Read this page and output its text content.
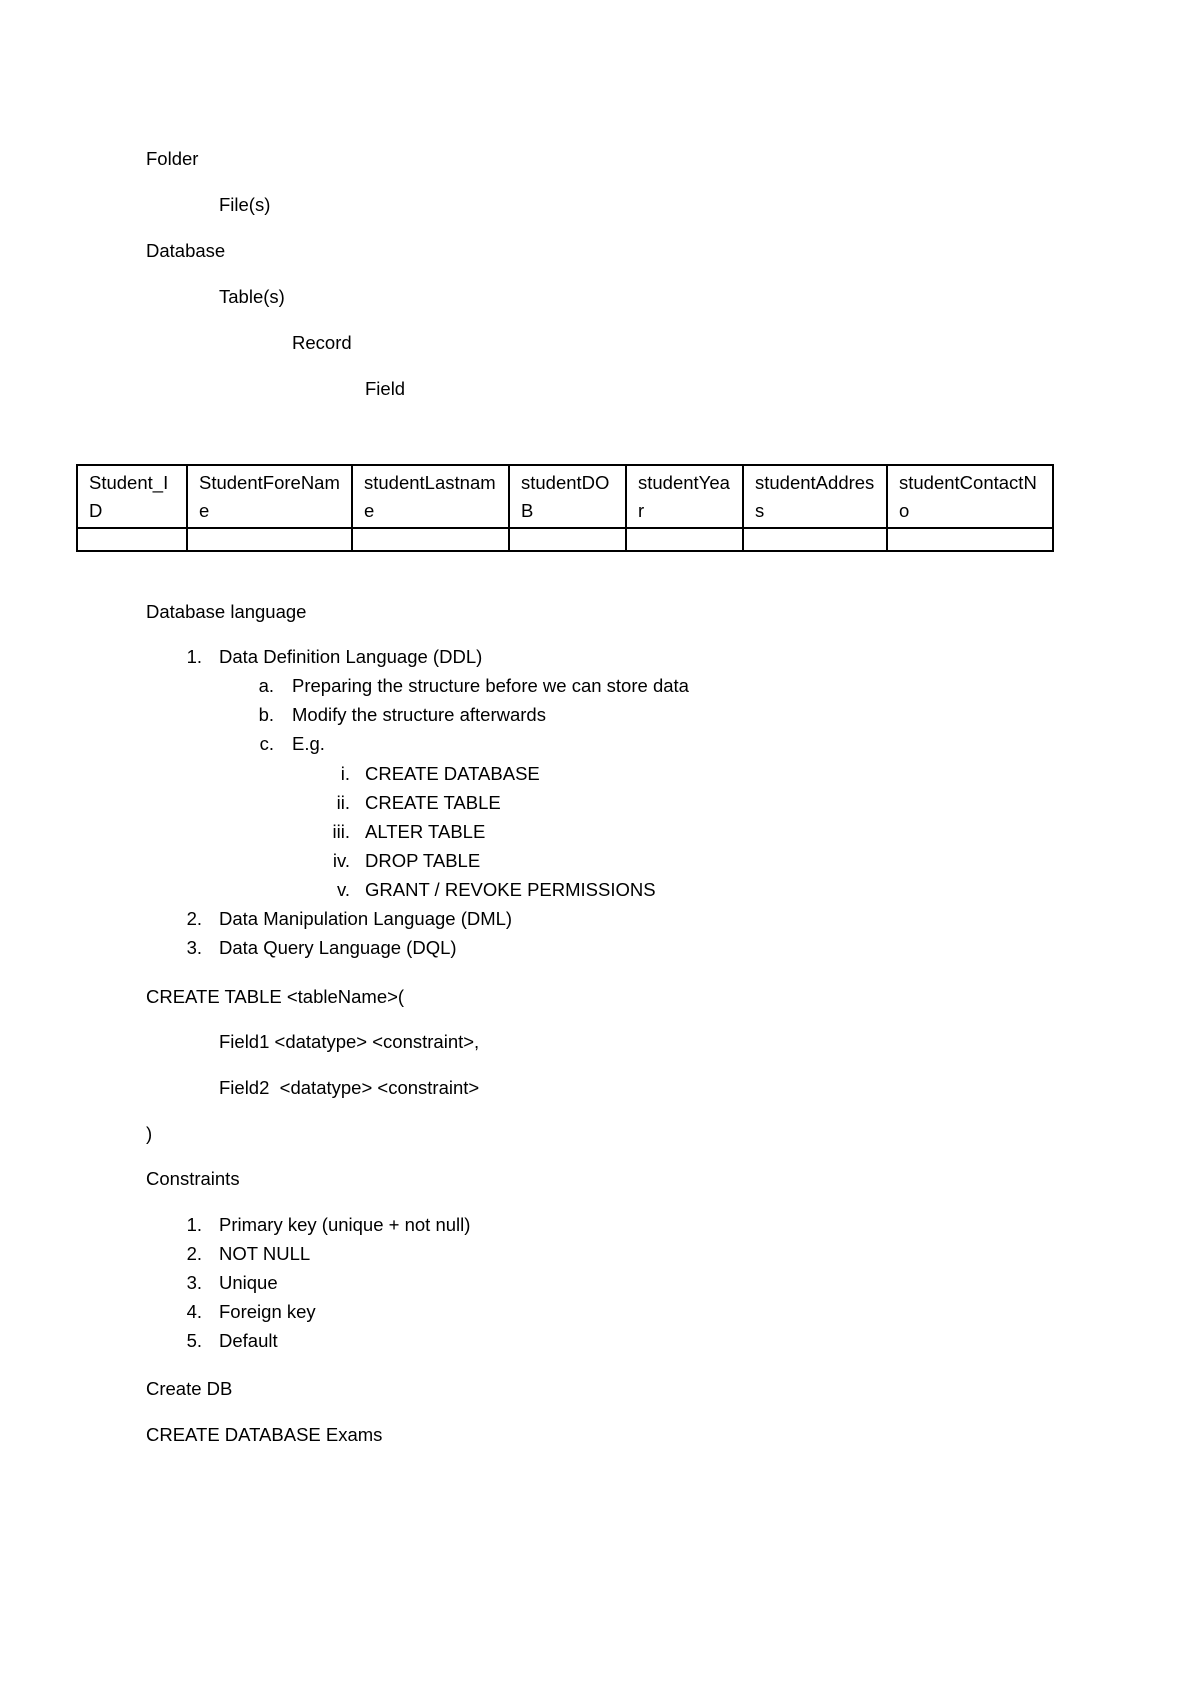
Folder
File(s)
Database
Table(s)
Record
Field
Student_ID	StudentForeName	studentLastname	studentDOB	studentYear	studentAddress	studentContactNo

Database language
1. Data Definition Language (DDL)
a. Preparing the structure before we can store data
b. Modify the structure afterwards
c. E.g.
i. CREATE DATABASE
ii. CREATE TABLE
iii. ALTER TABLE
iv. DROP TABLE
v. GRANT / REVOKE PERMISSIONS
2. Data Manipulation Language (DML)
3. Data Query Language (DQL)
CREATE TABLE <tableName>(
Field1 <datatype> <constraint>,
Field2  <datatype> <constraint>
)
Constraints
1. Primary key (unique + not null)
2. NOT NULL
3. Unique
4. Foreign key
5. Default
Create DB
CREATE DATABASE Exams
